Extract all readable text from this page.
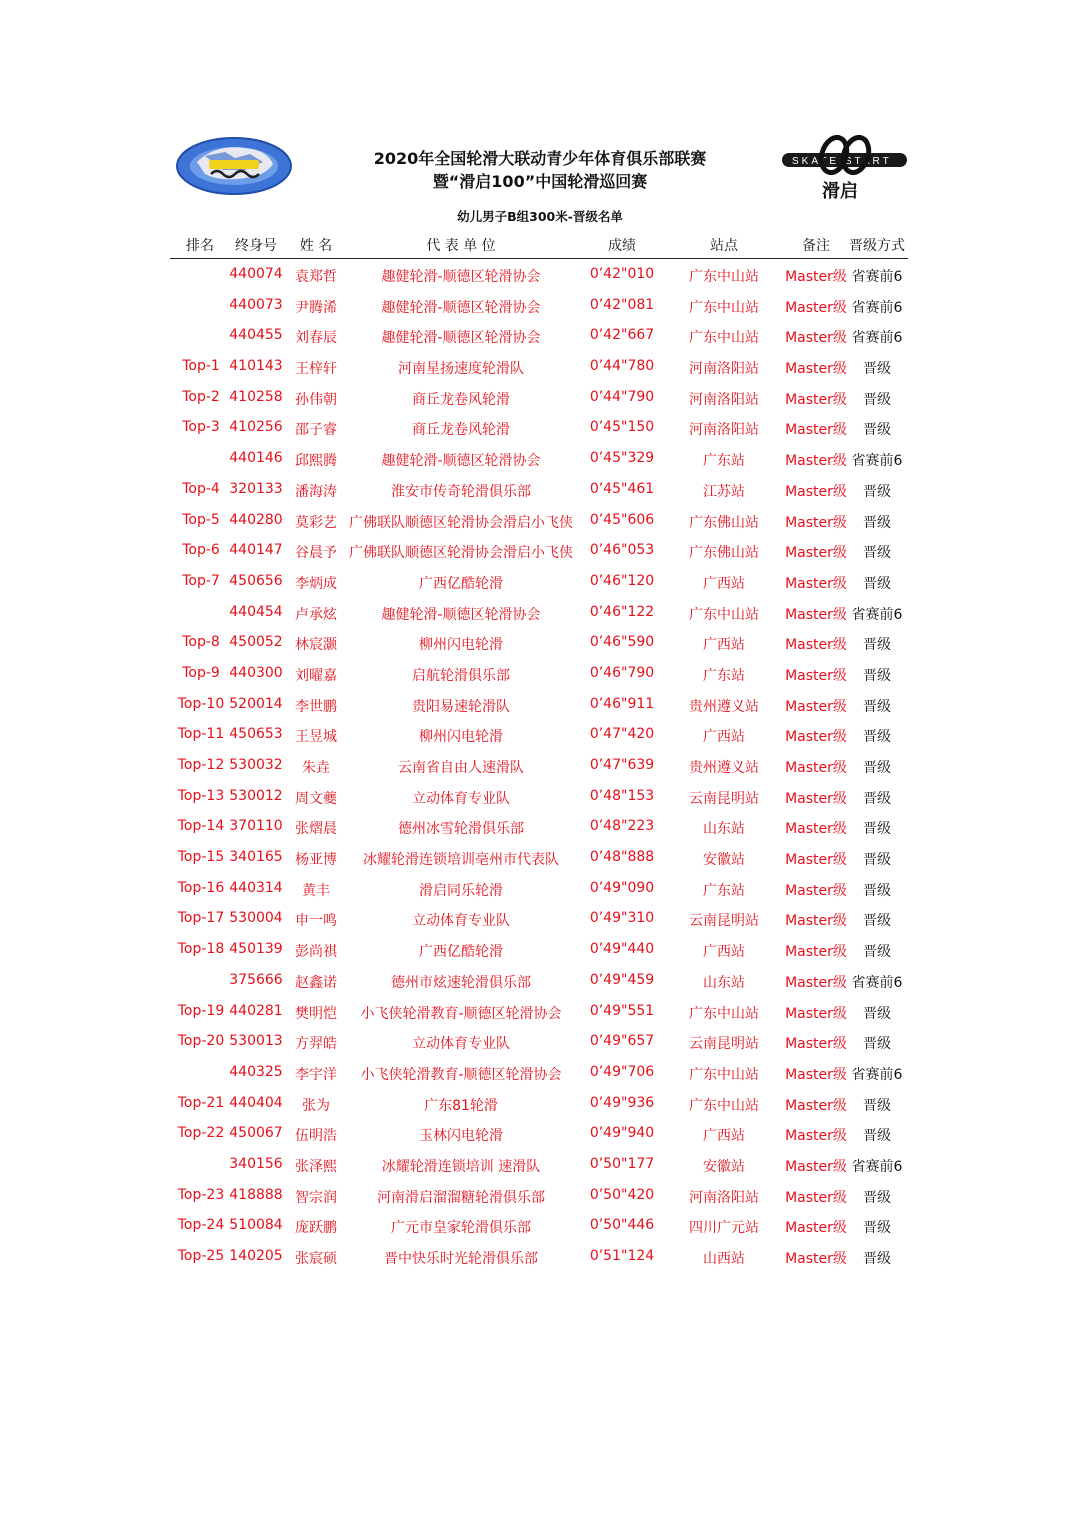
SKATE START
滑启
2020年全国轮滑大联动青少年体育俱乐部联赛
暨“滑启100”中国轮滑巡回赛
幼儿男子B组300米-晋级名单
排名	终身号	姓 名	代 表 单 位	成绩	站点	备注	晋级方式
440074 袁郑哲	趣健轮滑-顺德区轮滑协会	0’42"010	广东中山站	Master级 省赛前6
440073 尹腾浠	趣健轮滑-顺德区轮滑协会	0’42"081	广东中山站	Master级 省赛前6
440455 刘春辰	趣健轮滑-顺德区轮滑协会	0’42"667	广东中山站	Master级 省赛前6
Top-1 410143 王梓轩	河南星扬速度轮滑队	0’44"780	河南洛阳站	Master级	晋级
Top-2 410258 孙伟朝	商丘龙卷风轮滑	0’44"790	河南洛阳站	Master级	晋级
Top-3 410256 邵子睿	商丘龙卷风轮滑	0’45"150	河南洛阳站	Master级	晋级
440146 邱熙腾	趣健轮滑-顺德区轮滑协会	0’45"329	广东站	Master级 省赛前6
Top-4 320133 潘海涛	淮安市传奇轮滑俱乐部	0’45"461	江苏站	Master级	晋级
Top-5 440280 莫彩艺 广佛联队顺德区轮滑协会滑启小飞侠	0’45"606	广东佛山站	Master级	晋级
Top-6 440147 谷晨予 广佛联队顺德区轮滑协会滑启小飞侠	0’46"053	广东佛山站	Master级	晋级
Top-7 450656 李炳成	广西亿酷轮滑	0’46"120	广西站	Master级	晋级
440454 卢承炫	趣健轮滑-顺德区轮滑协会	0’46"122	广东中山站	Master级 省赛前6
Top-8 450052 林宸灏	柳州闪电轮滑	0’46"590	广西站	Master级	晋级
Top-9 440300 刘曜嘉	启航轮滑俱乐部	0’46"790	广东站	Master级	晋级
Top-10 520014 李世鹏	贵阳易速轮滑队	0’46"911	贵州遵义站	Master级	晋级
Top-11 450653 王昱城	柳州闪电轮滑	0’47"420	广西站	Master级	晋级
Top-12 530032	朱垚	云南省自由人速滑队	0’47"639	贵州遵义站	Master级	晋级
Top-13 530012 周文夔	立动体育专业队	0’48"153	云南昆明站	Master级	晋级
Top-14 370110 张熠晨	德州冰雪轮滑俱乐部	0’48"223	山东站	Master级	晋级
Top-15 340165 杨亚博	冰耀轮滑连锁培训亳州市代表队	0’48"888	安徽站	Master级	晋级
Top-16 440314	黄丰	滑启同乐轮滑	0’49"090	广东站	Master级	晋级
Top-17 530004 申一鸣	立动体育专业队	0’49"310	云南昆明站	Master级	晋级
Top-18 450139 彭尚祺	广西亿酷轮滑	0’49"440	广西站	Master级	晋级
375666 赵鑫诺	德州市炫速轮滑俱乐部	0’49"459	山东站	Master级 省赛前6
Top-19 440281 樊明恺	小飞侠轮滑教育-顺德区轮滑协会	0’49"551	广东中山站	Master级	晋级
Top-20 530013 方羿皓	立动体育专业队	0’49"657	云南昆明站	Master级	晋级
440325 李宇洋	小飞侠轮滑教育-顺德区轮滑协会	0’49"706	广东中山站	Master级 省赛前6
Top-21 440404	张为	广东81轮滑	0’49"936	广东中山站	Master级	晋级
Top-22 450067 伍明浩	玉林闪电轮滑	0’49"940	广西站	Master级	晋级
340156 张泽熙	冰耀轮滑连锁培训 速滑队	0’50"177	安徽站	Master级 省赛前6
Top-23 418888 智宗润	河南滑启溜溜糖轮滑俱乐部	0’50"420	河南洛阳站	Master级	晋级
Top-24 510084 庞跃鹏	广元市皇家轮滑俱乐部	0’50"446	四川广元站	Master级	晋级
Top-25 140205 张宸硕	晋中快乐时光轮滑俱乐部	0’51"124	山西站	Master级	晋级
